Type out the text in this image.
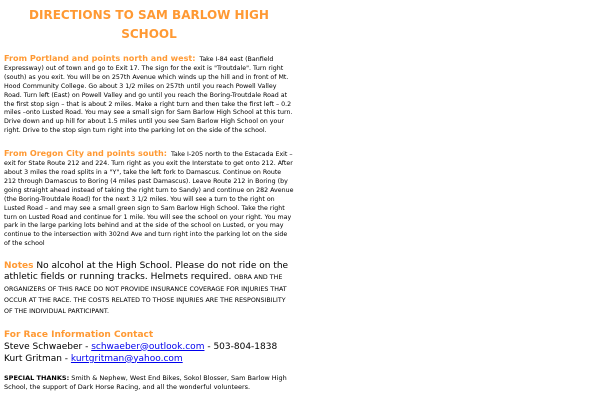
DIRECTIONS TO SAM BARLOW HIGH SCHOOL

From Portland and points north and west: Take I-84 east (Banfield Expressway) out of town and go to Exit 17. The sign for the exit is "Troutdale". Turn right (south) as you exit. You will be on 257th Avenue which winds up the hill and in front of Mt. Hood Community College. Go about 3 1/2 miles on 257th until you reach Powell Valley Road. Turn left (East) on Powell Valley and go until you reach the Boring-Troutdale Road at the first stop sign – that is about 2 miles. Make a right turn and then take the first left – 0.2 miles –onto Lusted Road. You may see a small sign for Sam Barlow High School at this turn. Drive down and up hill for about 1.5 miles until you see Sam Barlow High School on your right. Drive to the stop sign turn right into the parking lot on the side of the school.

From Oregon City and points south: Take I-205 north to the Estacada Exit – exit for State Route 212 and 224. Turn right as you exit the Interstate to get onto 212. After about 3 miles the road splits in a "Y", take the left fork to Damascus. Continue on Route 212 through Damascus to Boring (4 miles past Damascus). Leave Route 212 in Boring (by going straight ahead instead of taking the right turn to Sandy) and continue on 282 Avenue (the Boring-Troutdale Road) for the next 3 1/2 miles. You will see a turn to the right on Lusted Road – and may see a small green sign to Sam Barlow High School. Take the right turn on Lusted Road and continue for 1 mile. You will see the school on your right. You may park in the large parking lots behind and at the side of the school on Lusted, or you may continue to the intersection with 302nd Ave and turn right into the parking lot on the side of the school

Notes No alcohol at the High School. Please do not ride on the athletic fields or running tracks. Helmets required. OBRA AND THE ORGANIZERS OF THIS RACE DO NOT PROVIDE INSURANCE COVERAGE FOR INJURIES THAT OCCUR AT THE RACE. THE COSTS RELATED TO THOSE INJURIES ARE THE RESPONSIBILITY OF THE INDIVIDUAL PARTICIPANT.

For Race Information Contact

Steve Schwaeber - schwaeber@outlook.com - 503-804-1838

Kurt Gritman - kurtgritman@yahoo.com

SPECIAL THANKS: Smith & Nephew, West End Bikes, Sokol Blosser, Sam Barlow High School, the support of Dark Horse Racing, and all the wonderful volunteers.
